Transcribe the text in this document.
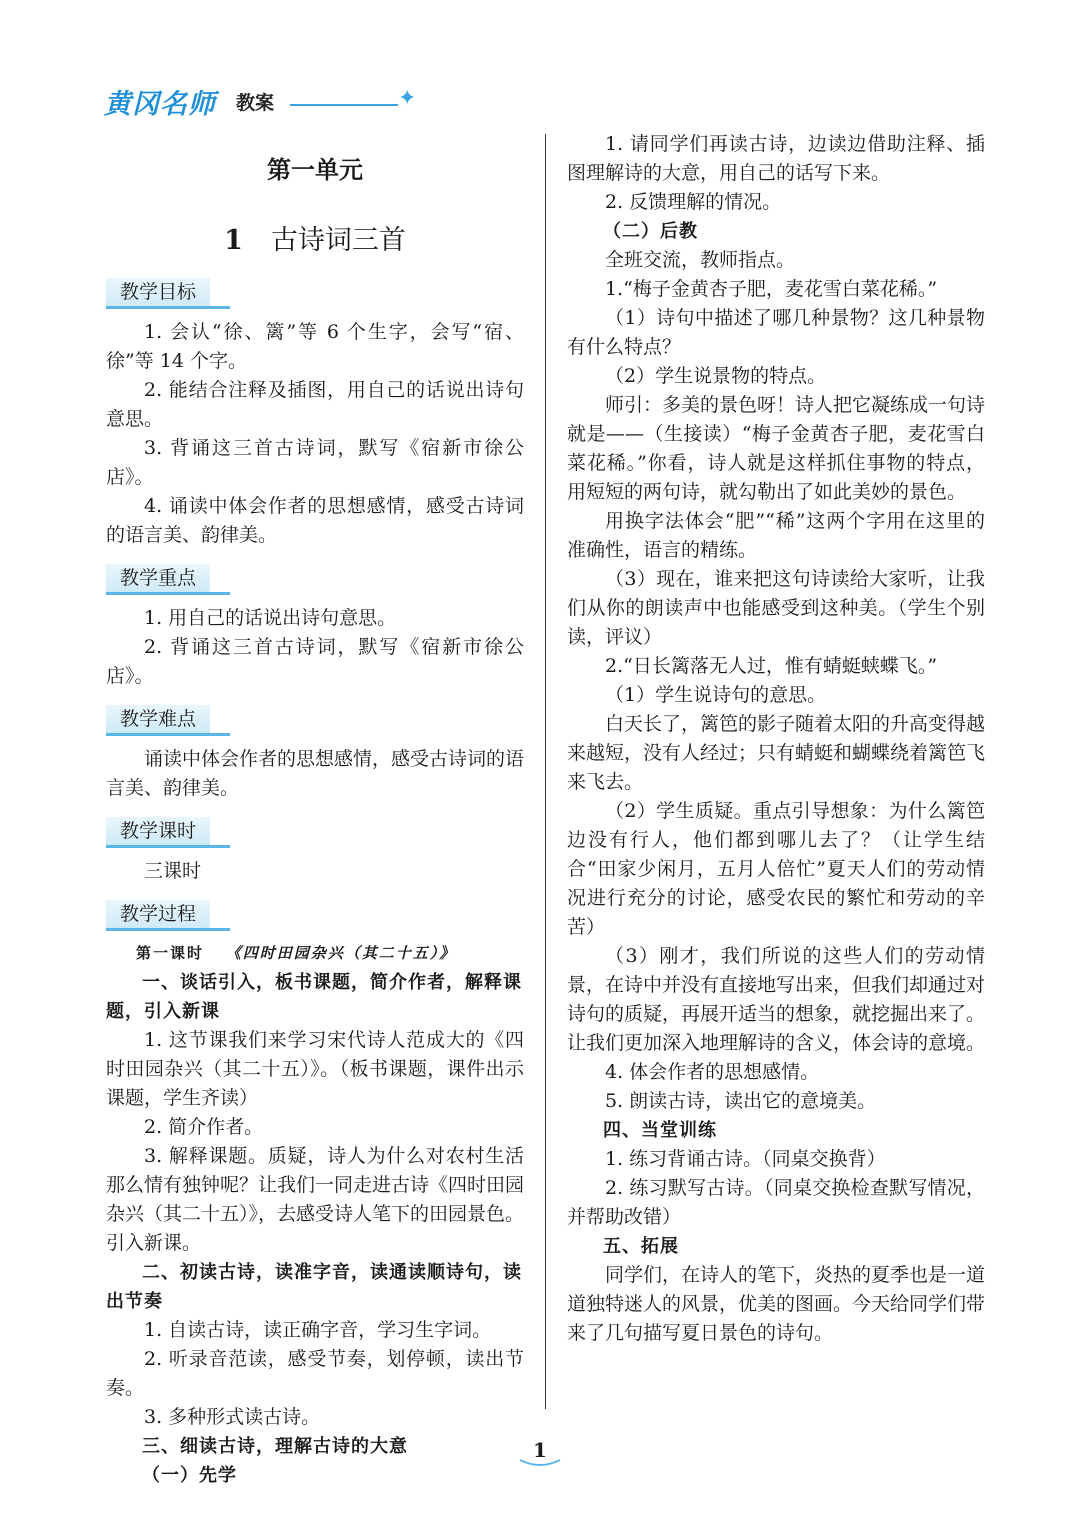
黄冈名师 教案	✦
第一单元
1 古诗词三首
教学目标

1. 会认“徐、篱”等 6 个生字，会写“宿、徐”等 14 个字。

2. 能结合注释及插图，用自己的话说出诗句意思。

3. 背诵这三首古诗词，默写《宿新市徐公店》。

4. 诵读中体会作者的思想感情，感受古诗词的语言美、韵律美。

教学重点

1. 用自己的话说出诗句意思。

2. 背诵这三首古诗词，默写《宿新市徐公店》。

教学难点

诵读中体会作者的思想感情，感受古诗词的语言美、韵律美。

教学课时

三课时

教学过程
第一课时 《四时田园杂兴（其二十五）》

一、谈话引入，板书课题，简介作者，解释课题，引入新课

1. 这节课我们来学习宋代诗人范成大的《四时田园杂兴（其二十五）》。（板书课题，课件出示课题，学生齐读）

2. 简介作者。

3. 解释课题。质疑，诗人为什么对农村生活那么情有独钟呢？让我们一同走进古诗《四时田园杂兴（其二十五）》，去感受诗人笔下的田园景色。引入新课。

二、初读古诗，读准字音，读通读顺诗句，读出节奏

1. 自读古诗，读正确字音，学习生字词。

2. 听录音范读，感受节奏，划停顿，读出节奏。

3. 多种形式读古诗。

三、细读古诗，理解古诗的大意

（一）先学

1. 请同学们再读古诗，边读边借助注释、插图理解诗的大意，用自己的话写下来。

2. 反馈理解的情况。

（二）后教

全班交流，教师指点。

1.“梅子金黄杏子肥，麦花雪白菜花稀。”

（1）诗句中描述了哪几种景物？这几种景物有什么特点？

（2）学生说景物的特点。

师引：多美的景色呀！诗人把它凝练成一句诗就是——（生接读）“梅子金黄杏子肥，麦花雪白菜花稀。”你看，诗人就是这样抓住事物的特点，用短短的两句诗，就勾勒出了如此美妙的景色。

用换字法体会“肥”“稀”这两个字用在这里的准确性，语言的精练。

（3）现在，谁来把这句诗读给大家听，让我们从你的朗读声中也能感受到这种美。（学生个别读，评议）

2.“日长篱落无人过，惟有蜻蜓蛱蝶飞。”

（1）学生说诗句的意思。

白天长了，篱笆的影子随着太阳的升高变得越来越短，没有人经过；只有蜻蜓和蝴蝶绕着篱笆飞来飞去。

（2）学生质疑。重点引导想象：为什么篱笆边没有行人，他们都到哪儿去了？（让学生结合“田家少闲月，五月人倍忙”夏天人们的劳动情况进行充分的讨论，感受农民的繁忙和劳动的辛苦）

（3）刚才，我们所说的这些人们的劳动情景，在诗中并没有直接地写出来，但我们却通过对诗句的质疑，再展开适当的想象，就挖掘出来了。让我们更加深入地理解诗的含义，体会诗的意境。

4. 体会作者的思想感情。

5. 朗读古诗，读出它的意境美。

四、当堂训练

1. 练习背诵古诗。（同桌交换背）

2. 练习默写古诗。（同桌交换检查默写情况，并帮助改错）

五、拓展

同学们，在诗人的笔下，炎热的夏季也是一道道独特迷人的风景，优美的图画。今天给同学们带来了几句描写夏日景色的诗句。

1
